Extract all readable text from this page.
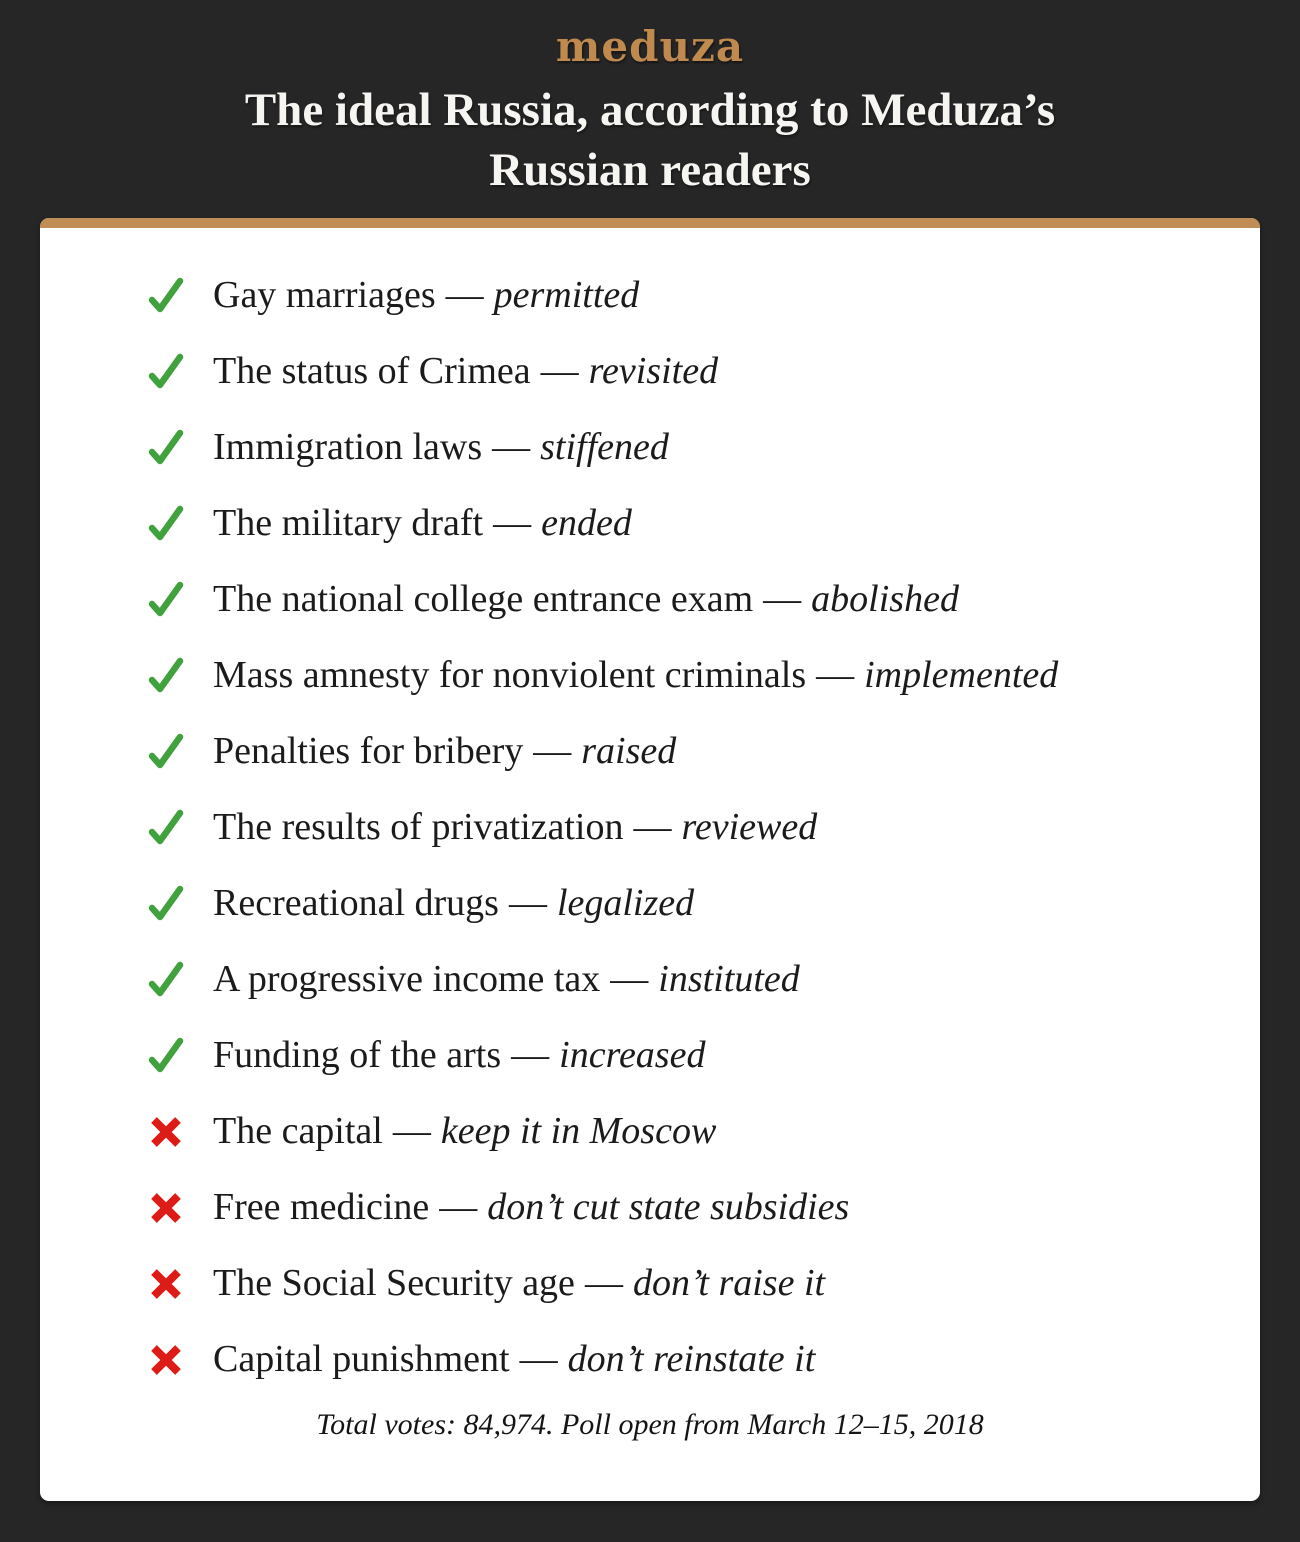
meduza
The ideal Russia, according to Meduza’s
Russian readers
Gay marriages — permitted
The status of Crimea — revisited
Immigration laws — stiffened
The military draft — ended
The national college entrance exam — abolished
Mass amnesty for nonviolent criminals — implemented
Penalties for bribery — raised
The results of privatization — reviewed
Recreational drugs — legalized
A progressive income tax — instituted
Funding of the arts — increased
The capital — keep it in Moscow
Free medicine — don’t cut state subsidies
The Social Security age — don’t raise it
Capital punishment — don’t reinstate it
Total votes: 84,974. Poll open from March 12–15, 2018
